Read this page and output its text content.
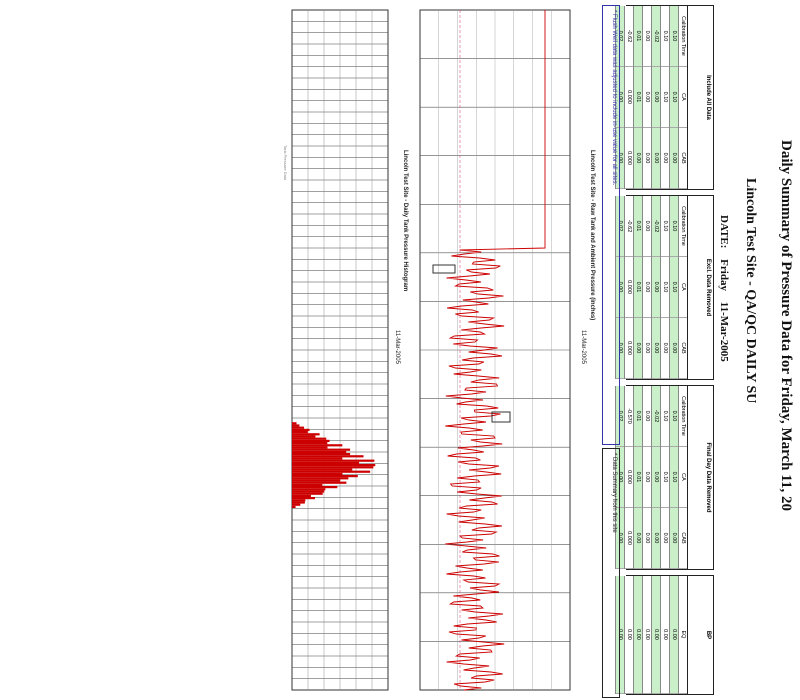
Daily Summary of Pressure Data for Friday, March 11, 20
Lincoln Test Site - QA/QC DAILY SU
DATE: Friday 11-Mar-2005
Include All Data
Calibration Time
CA
CAB
0.10
0.10
0.00
0.10
0.10
0.00
-0.02
0.00
0.00
0.00
0.00
0.00
0.01
0.01
0.00
-0.62
0.000
0.000
0.02
0.00
0.00
Excl. Data Removed
Calibration Time
CA
CAB
0.10
0.10
0.00
0.10
0.10
0.00
-0.02
0.00
0.00
0.00
0.00
0.00
0.01
0.01
0.00
-0.62
0.000
0.000
0.02
0.00
0.00
Final Day Data Removed
Calibration Time
CA
CAB
0.10
0.10
0.00
0.10
0.10
0.00
-0.02
0.00
0.00
0.00
0.00
0.00
0.01
0.01
0.00
-0.570
0.000
0.000
0.02
0.00
0.00
BP
EQ
0.00
0.00
0.00
0.00
0.00
0.00
0.00
* Flush Well data was adjusted to include in-use value for all sites.
* Data Summary from this site
Lincoln Test Site - Raw Tank and Ambient Pressure (inches)
11-Mar-2005
Lincoln Test Site - Daily Tank Pressure Histogram
11-Mar-2005
Tank Pressure Data
